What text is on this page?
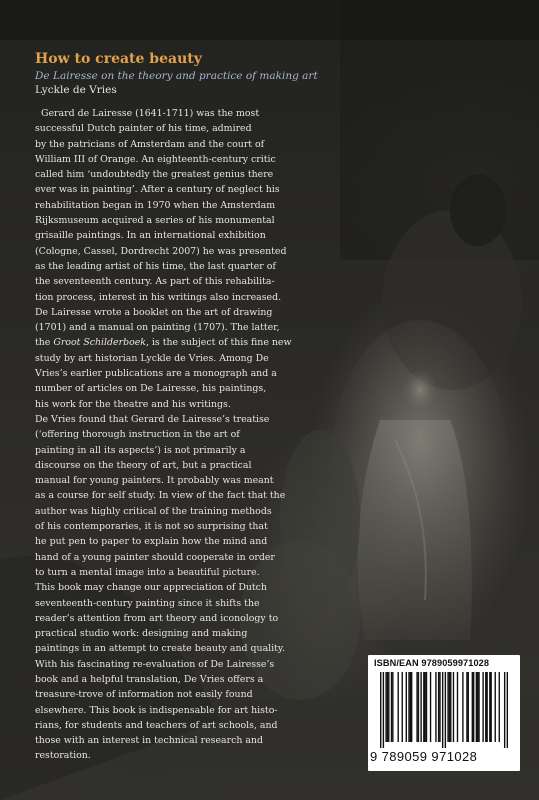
How to create beauty

De Lairesse on the theory and practice of making art

Lyckle de Vries

Gerard de Lairesse (1641-1711) was the most
successful Dutch painter of his time, admired
by the patricians of Amsterdam and the court of
William III of Orange. An eighteenth-century critic
called him ‘undoubtedly the greatest genius there
ever was in painting’. After a century of neglect his
rehabilitation began in 1970 when the Amsterdam
Rijksmuseum acquired a series of his monumental
grisaille paintings. In an international exhibition
(Cologne, Cassel, Dordrecht 2007) he was presented
as the leading artist of his time, the last quarter of
the seventeenth century. As part of this rehabilita-
tion process, interest in his writings also increased.
De Lairesse wrote a booklet on the art of drawing
(1701) and a manual on painting (1707). The latter,
the Groot Schilderboek, is the subject of this fine new
study by art historian Lyckle de Vries. Among De
Vries’s earlier publications are a monograph and a
number of articles on De Lairesse, his paintings,
his work for the theatre and his writings.
De Vries found that Gerard de Lairesse’s treatise
(‘offering thorough instruction in the art of
painting in all its aspects’) is not primarily a
discourse on the theory of art, but a practical
manual for young painters. It probably was meant
as a course for self study. In view of the fact that the
author was highly critical of the training methods
of his contemporaries, it is not so surprising that
he put pen to paper to explain how the mind and
hand of a young painter should cooperate in order
to turn a mental image into a beautiful picture.
This book may change our appreciation of Dutch
seventeenth-century painting since it shifts the
reader’s attention from art theory and iconology to
practical studio work: designing and making
paintings in an attempt to create beauty and quality.
With his fascinating re-evaluation of De Lairesse’s
book and a helpful translation, De Vries offers a
treasure-trove of information not easily found
elsewhere. This book is indispensable for art histo-
rians, for students and teachers of art schools, and
those with an interest in technical research and
restoration.
ISBN/EAN 9789059971028
9 789059 971028
